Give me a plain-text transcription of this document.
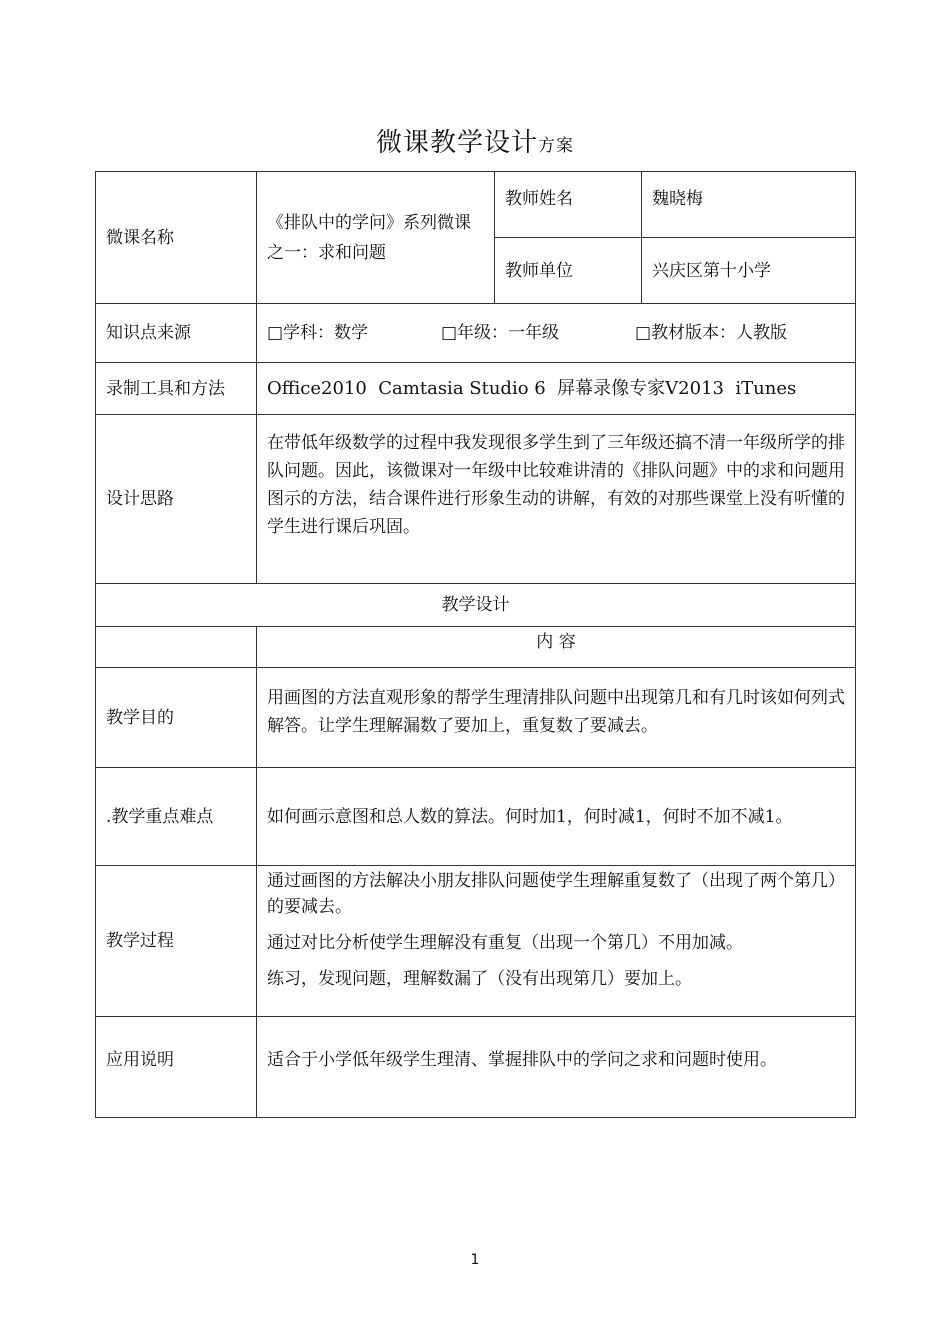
微课教学设计方案
微课名称	《排队中的学问》系列微课之一：求和问题	教师姓名	魏晓梅
		教师单位	兴庆区第十小学
知识点来源	□学科：数学 □年级：一年级 □教材版本：人教版		
录制工具和方法	Office2010  Camtasia Studio 6  屏幕录像专家V2013  iTunes		
设计思路	在带低年级数学的过程中我发现很多学生到了三年级还搞不清一年级所学的排队问题。因此，该微课对一年级中比较难讲清的《排队问题》中的求和问题用图示的方法，结合课件进行形象生动的讲解，有效的对那些课堂上没有听懂的学生进行课后巩固。		
教学设计			
	内 容		
教学目的	用画图的方法直观形象的帮学生理清排队问题中出现第几和有几时该如何列式解答。让学生理解漏数了要加上，重复数了要减去。		
.教学重点难点	如何画示意图和总人数的算法。何时加1，何时减1，何时不加不减1。		
教学过程	通过画图的方法解决小朋友排队问题使学生理解重复数了（出现了两个第几）的要减去。

通过对比分析使学生理解没有重复（出现一个第几）不用加减。

练习，发现问题，理解数漏了（没有出现第几）要加上。		

应用说明	适合于小学低年级学生理清、掌握排队中的学问之求和问题时使用。		
1
